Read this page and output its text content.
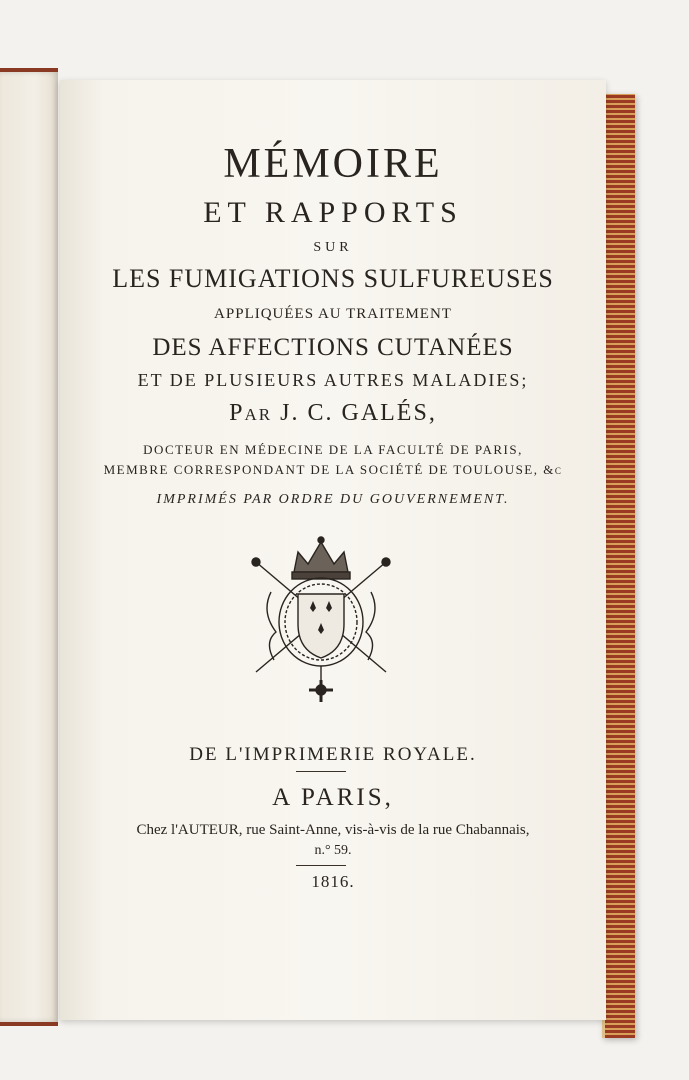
MÉMOIRE
ET RAPPORTS
SUR
LES FUMIGATIONS SULFUREUSES
APPLIQUÉES AU TRAITEMENT
DES AFFECTIONS CUTANÉES
ET DE PLUSIEURS AUTRES MALADIES;
Par J. C. GALÉS,
DOCTEUR EN MÉDECINE DE LA FACULTÉ DE PARIS,
MEMBRE CORRESPONDANT DE LA SOCIÉTÉ DE TOULOUSE, &c
IMPRIMÉS PAR ORDRE DU GOUVERNEMENT.
DE L'IMPRIMERIE ROYALE.
A PARIS,
Chez l'AUTEUR, rue Saint-Anne, vis-à-vis de la rue Chabannais,
n.° 59.
1816.
